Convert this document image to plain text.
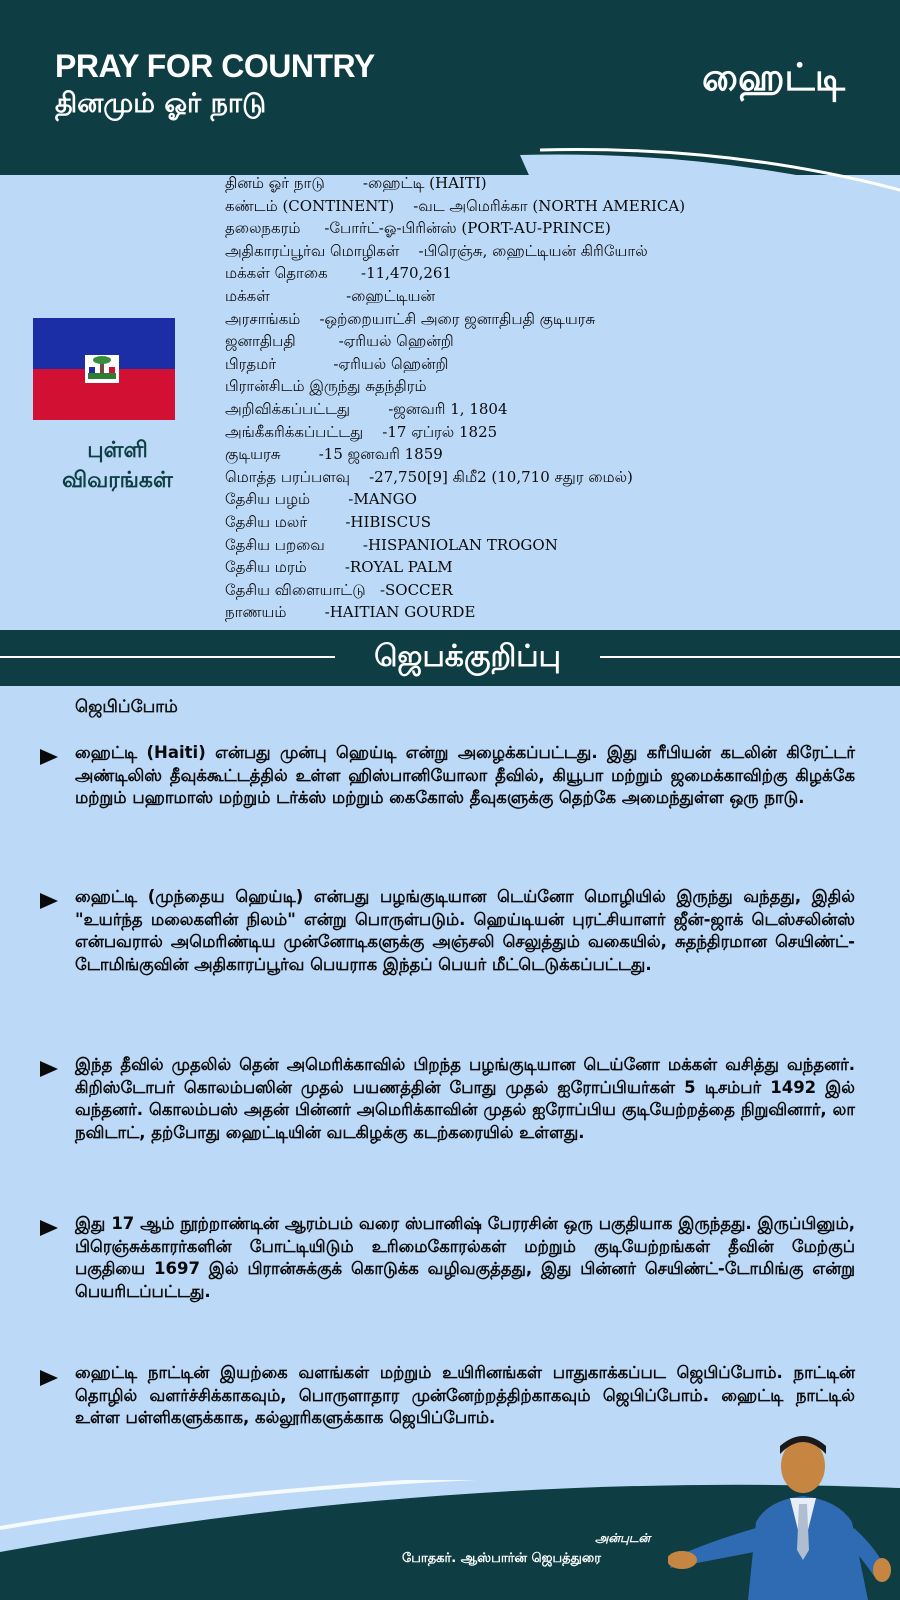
PRAY FOR COUNTRY
தினமும் ஓர் நாடு
ஹைட்டி
புள்ளி
விவரங்கள்
தினம் ஓர் நாடு	-ஹைட்டி (HAITI)
கண்டம் (CONTINENT) -வட அமெரிக்கா (NORTH AMERICA)
தலைநகரம் -போர்ட்-ஓ-பிரின்ஸ் (PORT-AU-PRINCE)
அதிகாரப்பூர்வ மொழிகள் -பிரெஞ்சு, ஹைட்டியன் கிரியோல்
மக்கள் தொகை -11,470,261
மக்கள்	-ஹைட்டியன்
அரசாங்கம் -ஒற்றையாட்சி அரை ஜனாதிபதி குடியரசு
ஜனாதிபதி	-ஏரியல் ஹென்றி
பிரதமர்	-ஏரியல் ஹென்றி
பிரான்சிடம் இருந்து சுதந்திரம்
அறிவிக்கப்பட்டது	-ஜனவரி 1, 1804
அங்கீகரிக்கப்பட்டது -17 ஏப்ரல் 1825
குடியரசு	-15 ஜனவரி 1859
மொத்த பரப்பளவு -27,750[9] கிமீ2 (10,710 சதுர மைல்)
தேசிய பழம்	-MANGO
தேசிய மலர்	-HIBISCUS
தேசிய பறவை	-HISPANIOLAN TROGON
தேசிய மரம்	-ROYAL PALM
தேசிய விளையாட்டு -SOCCER
நாணயம்	-HAITIAN GOURDE
ஜெபக்குறிப்பு
ஜெபிப்போம்
ஹைட்டி (Haiti) என்பது முன்பு ஹெய்டி என்று அழைக்கப்பட்டது. இது கரீபியன் கடலின் கிரேட்டர் அண்டிலிஸ் தீவுக்கூட்டத்தில் உள்ள ஹிஸ்பானியோலா தீவில், கியூபா மற்றும் ஜமைக்காவிற்கு கிழக்கே மற்றும் பஹாமாஸ் மற்றும் டர்க்ஸ் மற்றும் கைகோஸ் தீவுகளுக்கு தெற்கே அமைந்துள்ள ஒரு நாடு.
ஹைட்டி (முந்தைய ஹெய்டி) என்பது பழங்குடியான டெய்னோ மொழியில் இருந்து வந்தது, இதில் "உயர்ந்த மலைகளின் நிலம்" என்று பொருள்படும். ஹெய்டியன் புரட்சியாளர் ஜீன்-ஜாக் டெஸ்சலின்ஸ் என்பவரால் அமெரிண்டிய முன்னோடிகளுக்கு அஞ்சலி செலுத்தும் வகையில், சுதந்திரமான செயிண்ட்-டோமிங்குவின் அதிகாரப்பூர்வ பெயராக இந்தப் பெயர் மீட்டெடுக்கப்பட்டது.
இந்த தீவில் முதலில் தென் அமெரிக்காவில் பிறந்த பழங்குடியான டெய்னோ மக்கள் வசித்து வந்தனர். கிறிஸ்டோபர் கொலம்பஸின் முதல் பயணத்தின் போது முதல் ஐரோப்பியர்கள் 5 டிசம்பர் 1492 இல் வந்தனர். கொலம்பஸ் அதன் பின்னர் அமெரிக்காவின் முதல் ஐரோப்பிய குடியேற்றத்தை நிறுவினார், லா நவிடாட், தற்போது ஹைட்டியின் வடகிழக்கு கடற்கரையில் உள்ளது.
இது 17 ஆம் நூற்றாண்டின் ஆரம்பம் வரை ஸ்பானிஷ் பேரரசின் ஒரு பகுதியாக இருந்தது. இருப்பினும், பிரெஞ்சுக்காரர்களின் போட்டியிடும் உரிமைகோரல்கள் மற்றும் குடியேற்றங்கள் தீவின் மேற்குப் பகுதியை 1697 இல் பிரான்சுக்குக் கொடுக்க வழிவகுத்தது, இது பின்னர் செயிண்ட்-டோமிங்கு என்று பெயரிடப்பட்டது.
ஹைட்டி நாட்டின் இயற்கை வளங்கள் மற்றும் உயிரினங்கள் பாதுகாக்கப்பட ஜெபிப்போம். நாட்டின் தொழில் வளர்ச்சிக்காகவும், பொருளாதார முன்னேற்றத்திற்காகவும் ஜெபிப்போம். ஹைட்டி நாட்டில் உள்ள பள்ளிகளுக்காக, கல்லூரிகளுக்காக ஜெபிப்போம்.
அன்புடன்
போதகர். ஆஸ்பார்ன் ஜெபத்துரை
